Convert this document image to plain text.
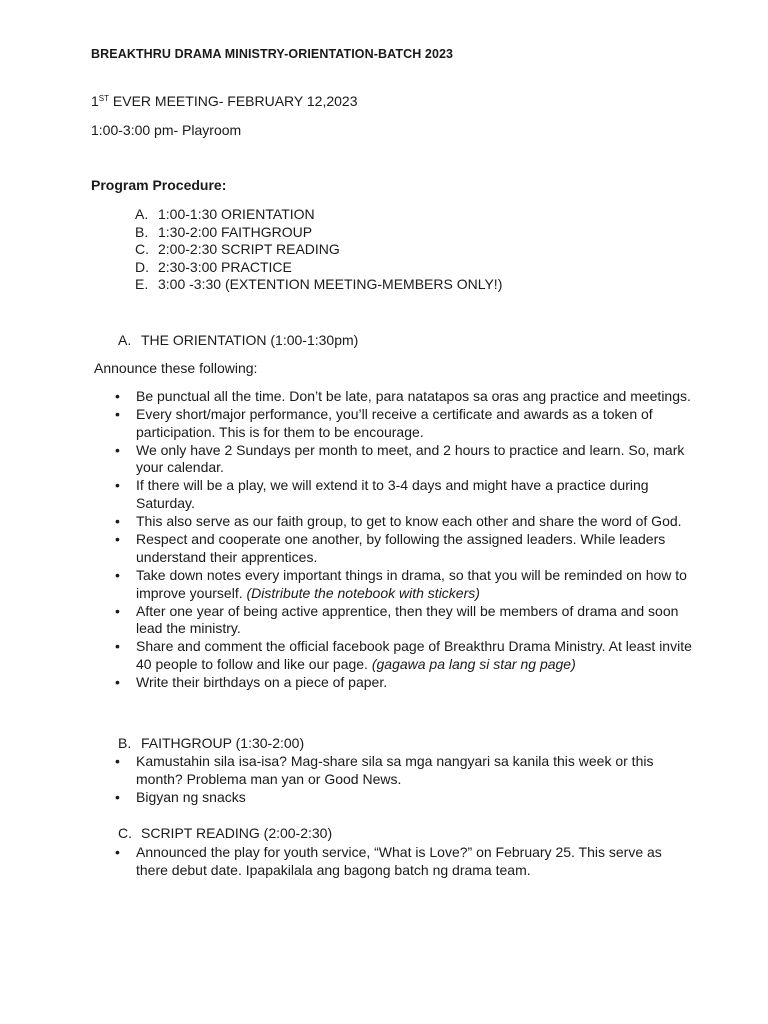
BREAKTHRU DRAMA MINISTRY-ORIENTATION-BATCH 2023
1ST EVER MEETING- FEBRUARY 12,2023
1:00-3:00 pm- Playroom
Program Procedure:
A. 1:00-1:30 ORIENTATION
B. 1:30-2:00 FAITHGROUP
C. 2:00-2:30 SCRIPT READING
D. 2:30-3:00 PRACTICE
E. 3:00 -3:30 (EXTENTION MEETING-MEMBERS ONLY!)
A. THE ORIENTATION (1:00-1:30pm)
Announce these following:
• Be punctual all the time. Don’t be late, para natatapos sa oras ang practice and meetings.
• Every short/major performance, you’ll receive a certificate and awards as a token of participation. This is for them to be encourage.
• We only have 2 Sundays per month to meet, and 2 hours to practice and learn. So, mark your calendar.
• If there will be a play, we will extend it to 3-4 days and might have a practice during Saturday.
• This also serve as our faith group, to get to know each other and share the word of God.
• Respect and cooperate one another, by following the assigned leaders. While leaders understand their apprentices.
• Take down notes every important things in drama, so that you will be reminded on how to improve yourself. (Distribute the notebook with stickers)
• After one year of being active apprentice, then they will be members of drama and soon lead the ministry.
• Share and comment the official facebook page of Breakthru Drama Ministry. At least invite 40 people to follow and like our page. (gagawa pa lang si star ng page)
• Write their birthdays on a piece of paper.
B. FAITHGROUP (1:30-2:00)
• Kamustahin sila isa-isa? Mag-share sila sa mga nangyari sa kanila this week or this month? Problema man yan or Good News.
• Bigyan ng snacks
C. SCRIPT READING (2:00-2:30)
• Announced the play for youth service, “What is Love?” on February 25. This serve as there debut date. Ipapakilala ang bagong batch ng drama team.
